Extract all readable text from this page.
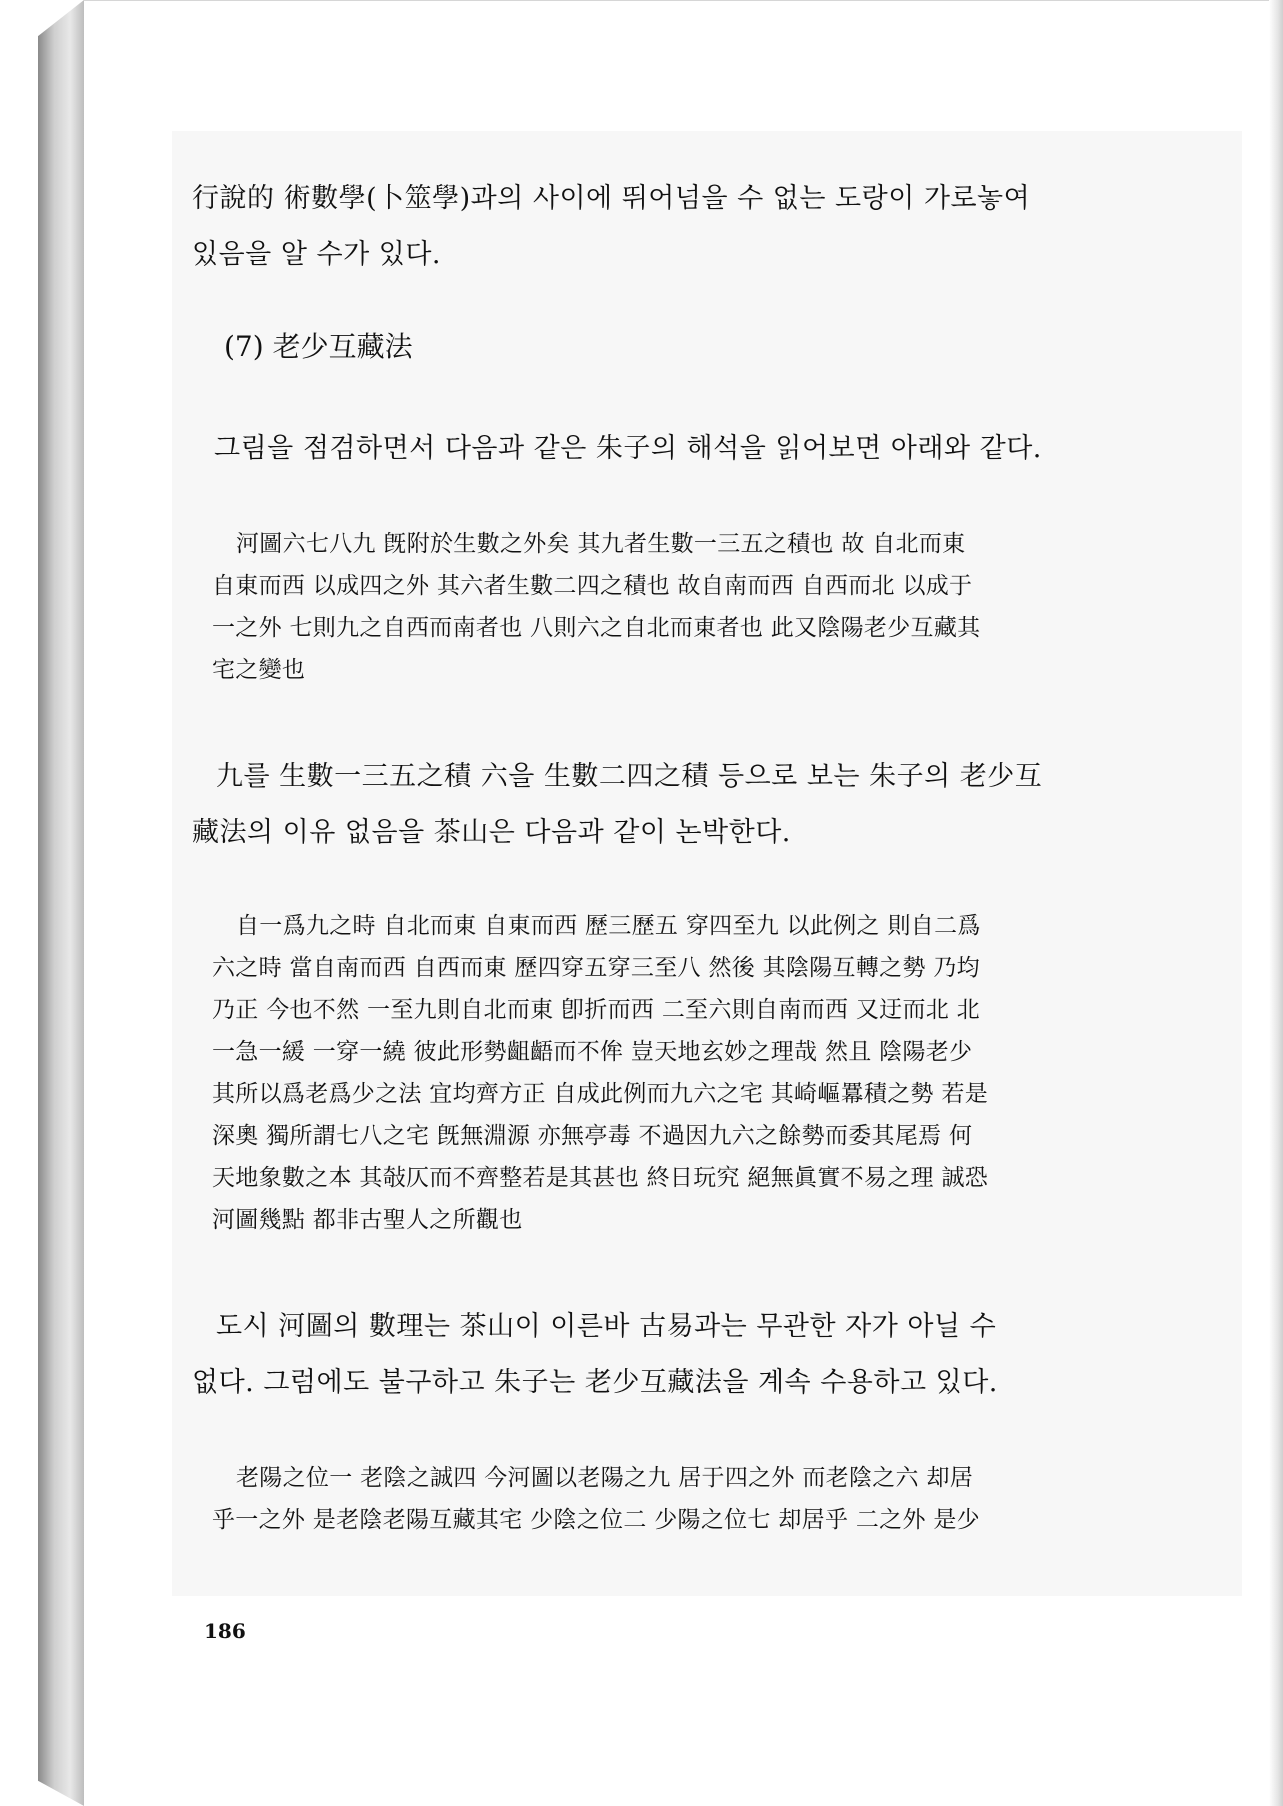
行說的 術數學(卜筮學)과의 사이에 뛰어넘을 수 없는 도랑이 가로놓여
있음을 알 수가 있다.
(7) 老少互藏法
그림을 점검하면서 다음과 같은 朱子의 해석을 읽어보면 아래와 같다.
河圖六七八九 旣附於生數之外矣 其九者生數一三五之積也 故 自北而東
自東而西 以成四之外 其六者生數二四之積也 故自南而西 自西而北 以成于
一之外 七則九之自西而南者也 八則六之自北而東者也 此又陰陽老少互藏其
宅之變也
九를 生數一三五之積 六을 生數二四之積 등으로 보는 朱子의 老少互
藏法의 이유 없음을 茶山은 다음과 같이 논박한다.
自一爲九之時 自北而東 自東而西 歷三歷五 穿四至九 以此例之 則自二爲
六之時 當自南而西 自西而東 歷四穿五穿三至八 然後 其陰陽互轉之勢 乃均
乃正 今也不然 一至九則自北而東 卽折而西 二至六則自南而西 又迂而北 北
一急一緩 一穿一繞 彼此形勢齟齬而不侔 豈天地玄妙之理哉 然且 陰陽老少
其所以爲老爲少之法 宜均齊方正 自成此例而九六之宅 其崎嶇羃積之勢 若是
深奧 獨所謂七八之宅 旣無淵源 亦無亭毒 不過因九六之餘勢而委其尾焉 何
天地象數之本 其敧仄而不齊整若是其甚也 終日玩究 絕無眞實不易之理 誠恐
河圖幾點 都非古聖人之所觀也
도시 河圖의 數理는 茶山이 이른바 古易과는 무관한 자가 아닐 수
없다. 그럼에도 불구하고 朱子는 老少互藏法을 계속 수용하고 있다.
老陽之位一 老陰之誠四 今河圖以老陽之九 居于四之外 而老陰之六 却居
乎一之外 是老陰老陽互藏其宅 少陰之位二 少陽之位七 却居乎 二之外 是少
186
